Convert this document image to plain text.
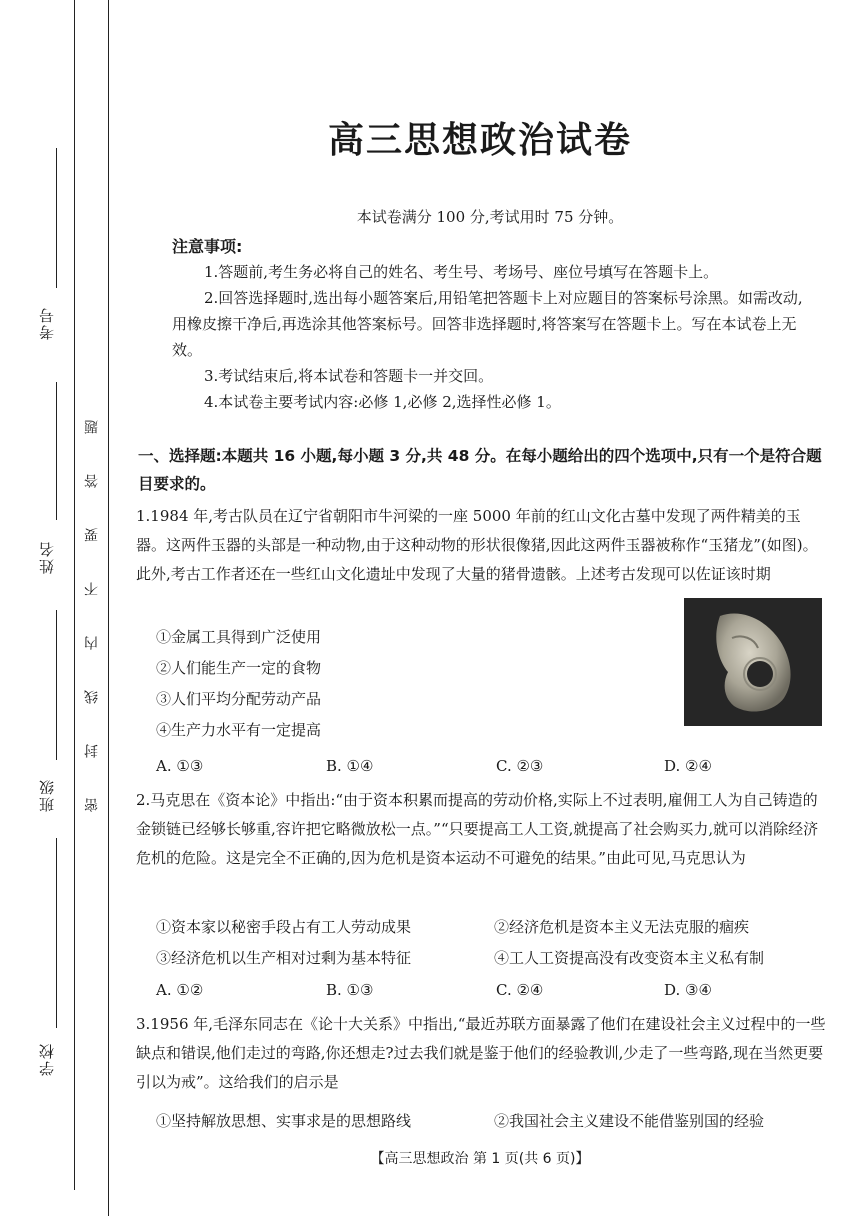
考号
姓名
班级
学校
题
答
要
不
内
线
封
密
高三思想政治试卷
本试卷满分 100 分,考试用时 75 分钟。
注意事项:
1.答题前,考生务必将自己的姓名、考生号、考场号、座位号填写在答题卡上。
2.回答选择题时,选出每小题答案后,用铅笔把答题卡上对应题目的答案标号涂黑。如需改动,用橡皮擦干净后,再选涂其他答案标号。回答非选择题时,将答案写在答题卡上。写在本试卷上无效。
3.考试结束后,将本试卷和答题卡一并交回。
4.本试卷主要考试内容:必修 1,必修 2,选择性必修 1。
一、选择题:本题共 16 小题,每小题 3 分,共 48 分。在每小题给出的四个选项中,只有一个是符合题目要求的。
1.1984 年,考古队员在辽宁省朝阳市牛河梁的一座 5000 年前的红山文化古墓中发现了两件精美的玉器。这两件玉器的头部是一种动物,由于这种动物的形状很像猪,因此这两件玉器被称作“玉猪龙”(如图)。此外,考古工作者还在一些红山文化遗址中发现了大量的猪骨遗骸。上述考古发现可以佐证该时期
①金属工具得到广泛使用
②人们能生产一定的食物
③人们平均分配劳动产品
④生产力水平有一定提高
A. ①③	B. ①④	C. ②③	D. ②④
2.马克思在《资本论》中指出:“由于资本积累而提高的劳动价格,实际上不过表明,雇佣工人为自己铸造的金锁链已经够长够重,容许把它略微放松一点。”“只要提高工人工资,就提高了社会购买力,就可以消除经济危机的危险。这是完全不正确的,因为危机是资本运动不可避免的结果。”由此可见,马克思认为
①资本家以秘密手段占有工人劳动成果	②经济危机是资本主义无法克服的痼疾
③经济危机以生产相对过剩为基本特征	④工人工资提高没有改变资本主义私有制
A. ①②	B. ①③	C. ②④	D. ③④
3.1956 年,毛泽东同志在《论十大关系》中指出,“最近苏联方面暴露了他们在建设社会主义过程中的一些缺点和错误,他们走过的弯路,你还想走?过去我们就是鉴于他们的经验教训,少走了一些弯路,现在当然更要引以为戒”。这给我们的启示是
①坚持解放思想、实事求是的思想路线	②我国社会主义建设不能借鉴别国的经验
【高三思想政治 第 1 页(共 6 页)】
